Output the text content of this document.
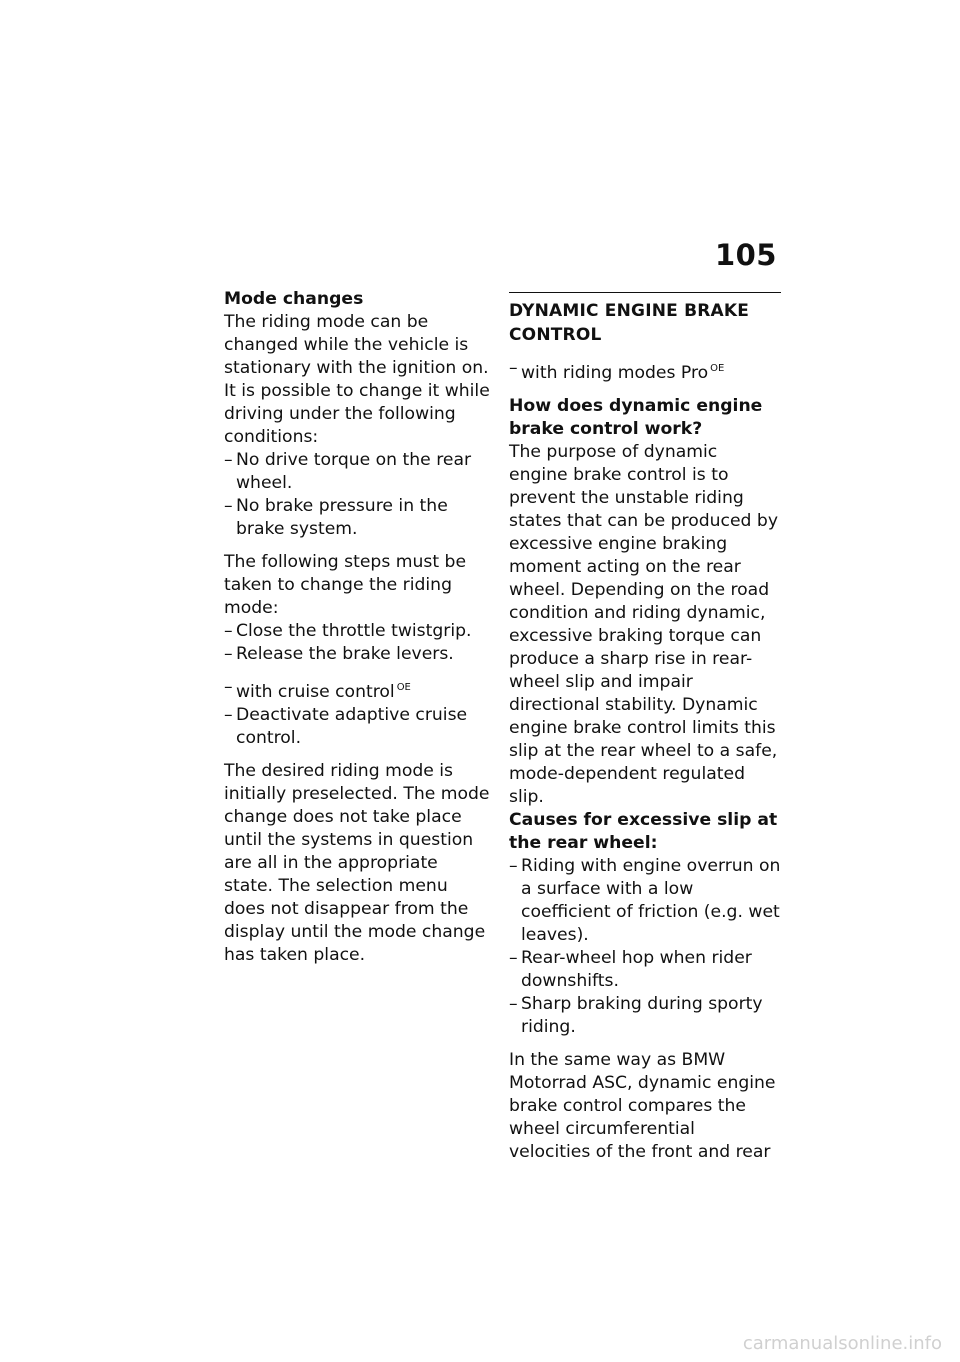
105

Mode changes

The riding mode can be changed while the vehicle is stationary with the ignition on. It is possible to change it while driving under the following conditions:

– No drive torque on the rear wheel.

– No brake pressure in the brake system.

The following steps must be taken to change the riding mode:

– Close the throttle twistgrip.

– Release the brake levers.

– with cruise control $^{OE}$

– Deactivate adaptive cruise control.

The desired riding mode is initially preselected. The mode change does not take place until the systems in question are all in the appropriate state. The selection menu does not disappear from the display until the mode change has taken place.

DYNAMIC ENGINE BRAKE CONTROL

– with riding modes Pro $^{OE}$

How does dynamic engine brake control work?

The purpose of dynamic engine brake control is to prevent the unstable riding states that can be produced by excessive engine braking moment acting on the rear wheel. Depending on the road condition and riding dynamic, excessive braking torque can produce a sharp rise in rear-wheel slip and impair directional stability. Dynamic engine brake control limits this slip at the rear wheel to a safe, mode-dependent regulated slip.

Causes for excessive slip at the rear wheel:

– Riding with engine overrun on a surface with a low coefficient of friction (e.g. wet leaves).

– Rear-wheel hop when rider downshifts.

– Sharp braking during sporty riding.

In the same way as BMW Motorrad ASC, dynamic engine brake control compares the wheel circumferential velocities of the front and rear

carmanualsonline.info
